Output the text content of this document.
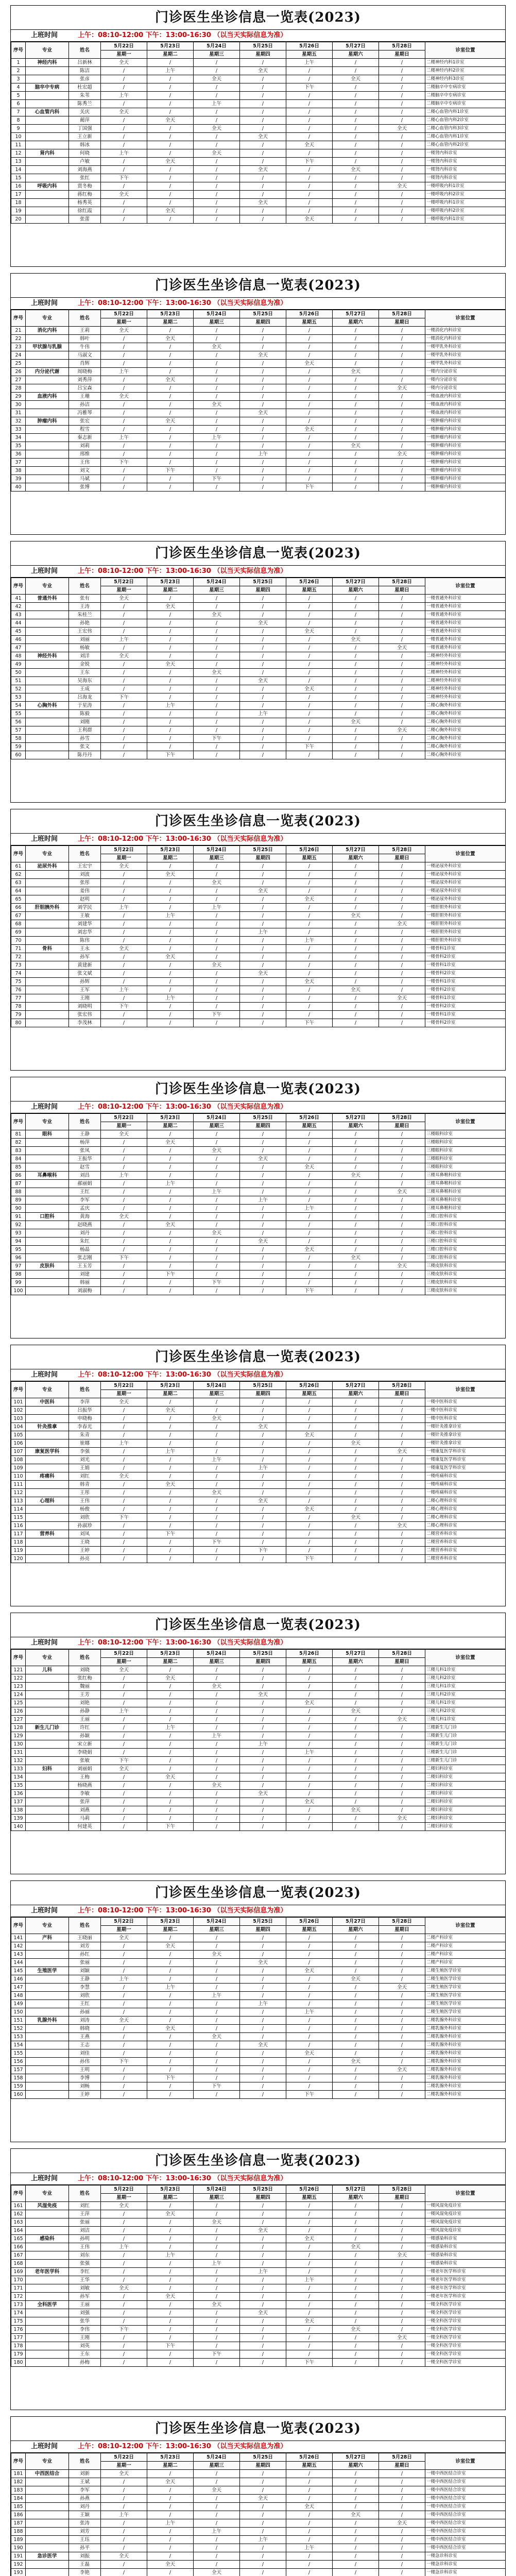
门诊医生坐诊信息一览表(2023)
上班时间	上午：08:10-12:00 下午：13:00-16:30 （以当天实际信息为准）
序号	专业	姓名	5月22日	5月23日	5月24日	5月25日	5月26日	5月27日	5月28日	诊室位置
			星期一	星期二	星期三	星期四	星期五	星期六	星期日	
1	神经内科	吕新林	全天	/	/	/	上午	/	/	二楼神经内科1诊室
2		陈洁	/	上午	/	全天	/	/	/	二楼神经内科2诊室
3		张彦	/	/	全天	/	/	全天	/	二楼神经内科3诊室
4	脑卒中专病	杜宏超	/	/	/	/	下午	/	/	二楼脑卒中专病诊室
5		朱苇	上午	/	/	/	/	/	/	二楼脑卒中专病诊室
6		陈秀兰	/	/	上午	/	/	/	/	二楼脑卒中专病诊室
7	心血管内科	关庆	全天	/	/	/	/	/	/	二楼心血管内科1诊室
8		蔺萍	/	全天	/	/	/	/	/	二楼心血管内科2诊室
9		丁国强	/	/	全天	/	/	/	全天	二楼心血管内科3诊室
10		王立新	/	/	/	全天	/	/	/	二楼心血管内科1诊室
11		韩冰	/	/	/	/	全天	/	/	二楼心血管内科2诊室
12	肾内科	何晓	上午	/	全天	/	/	/	/	一楼肾内科诊室
13		卢敏	/	全天	/	/	下午	/	/	一楼肾内科诊室
14		刘海燕	/	/	/	全天	/	全天	/	一楼肾内科诊室
15		张红	下午	/	/	/	/	/	/	一楼肾内科诊室
16	呼吸内科	贾冬梅	/	/	/	/	/	/	全天	一楼呼吸内科1诊室
17		蒋红梅	全天	/	/	/	/	/	/	一楼呼吸内科2诊室
18		杨秀英	/	/	/	全天	/	/	/	一楼呼吸内科1诊室
19		徐红霞	/	全天	/	/	/	/	/	一楼呼吸内科2诊室
20		张蕾	/	/	/	/	全天	/	/	一楼呼吸内科1诊室
门诊医生坐诊信息一览表(2023)
上班时间	上午：08:10-12:00 下午：13:00-16:30 （以当天实际信息为准）
序号	专业	姓名	5月22日	5月23日	5月24日	5月25日	5月26日	5月27日	5月28日	诊室位置
			星期一	星期二	星期三	星期四	星期五	星期六	星期日	
21	消化内科	王莉	全天	/	/	/	/	/	/	一楼消化内科诊室
22		韩叶	/	全天	/	/	/	/	/	一楼消化内科诊室
23	甲状腺与乳腺	牛伟	/	/	全天	/	/	/	/	一楼甲乳外科诊室
24		马淑文	/	/	/	全天	/	/	/	一楼甲乳外科诊室
25		肖辉	/	/	/	/	全天	/	/	一楼甲乳外科诊室
26	内分泌代谢	周晓梅	上午	/	/	/	/	全天	/	一楼内分泌诊室
27		刘秀萍	/	全天	/	/	/	/	/	一楼内分泌诊室
28		吕宝森	/	/	/	/	/	/	全天	一楼内分泌诊室
29	血液内科	王珊	全天	/	/	/	/	/	/	一楼血液内科诊室
30		孙洁	/	/	全天	/	/	/	/	一楼血液内科诊室
31		冯雅琴	/	/	/	全天	/	/	/	一楼血液内科诊室
32	肿瘤内科	张宏	/	全天	/	/	/	/	/	一楼肿瘤内科诊室
33		程雪	/	/	/	/	全天	/	/	一楼肿瘤内科诊室
34		秦志新	上午	/	上午	/	/	/	/	一楼肿瘤内科诊室
35		刘莉	/	/	/	/	/	全天	/	一楼肿瘤内科诊室
36		邢维	/	/	/	上午	/	/	全天	一楼肿瘤内科诊室
37		王伟	下午	/	/	/	/	/	/	一楼肿瘤内科诊室
38		刘文	/	下午	/	/	/	/	/	一楼肿瘤内科诊室
39		马斌	/	/	下午	/	/	/	/	一楼肿瘤内科诊室
40		张博	/	/	/	/	下午	/	/	一楼肿瘤内科诊室
门诊医生坐诊信息一览表(2023)
上班时间	上午：08:10-12:00 下午：13:00-16:30 （以当天实际信息为准）
序号	专业	姓名	5月22日	5月23日	5月24日	5月25日	5月26日	5月27日	5月28日	诊室位置
			星期一	星期二	星期三	星期四	星期五	星期六	星期日	
41	普通外科	张有	全天	/	/	/	/	/	/	一楼普通外科诊室
42		王涛	/	全天	/	/	/	/	/	一楼普通外科诊室
43		朱桂兰	/	/	全天	/	/	/	/	一楼普通外科诊室
44		孙艳	/	/	/	全天	/	/	/	一楼普通外科诊室
45		王宏伟	/	/	/	/	全天	/	/	一楼普通外科诊室
46		刘丽	上午	/	/	/	/	全天	/	一楼普通外科诊室
47		杨敏	/	/	/	/	/	/	全天	一楼普通外科诊室
48	神经外科	刘洋	全天	/	/	/	/	/	/	二楼神经外科诊室
49		金锐	/	全天	/	/	/	/	/	二楼神经外科诊室
50		王东	/	/	全天	/	/	/	/	二楼神经外科诊室
51		吴海东	/	/	/	全天	/	/	/	二楼神经外科诊室
52		王成	/	/	/	/	全天	/	/	二楼神经外科诊室
53		吕海龙	下午	/	/	/	/	/	/	二楼神经外科诊室
54	心胸外科	于星涛	/	上午	/	/	/	/	/	二楼心胸外科诊室
55		陈毅	/	/	/	上午	/	/	/	二楼心胸外科诊室
56		刘刚	/	/	/	/	/	全天	/	二楼心胸外科诊室
57		王利群	/	/	/	/	/	/	全天	二楼心胸外科诊室
58		孙雪	/	/	下午	/	/	/	/	二楼心胸外科诊室
59		张文	/	/	/	/	下午	/	/	二楼心胸外科诊室
60		陈丹丹	/	下午	/	/	/	/	/	二楼心胸外科诊室
门诊医生坐诊信息一览表(2023)
上班时间	上午：08:10-12:00 下午：13:00-16:30 （以当天实际信息为准）
序号	专业	姓名	5月22日	5月23日	5月24日	5月25日	5月26日	5月27日	5月28日	诊室位置
			星期一	星期二	星期三	星期四	星期五	星期六	星期日	
61	泌尿外科	王宏宇	全天	/	/	/	/	/	/	一楼泌尿外科诊室
62		刘波	/	全天	/	/	/	/	/	一楼泌尿外科诊室
63		张彤	/	/	全天	/	/	/	/	一楼泌尿外科诊室
64		姜伟	/	/	/	全天	/	/	/	一楼泌尿外科诊室
65		赵明	/	/	/	/	全天	/	/	一楼泌尿外科诊室
66	肝胆胰外科	刘学民	上午	/	上午	/	/	/	/	一楼肝胆外科诊室
67		王敏	/	上午	/	/	/	全天	/	一楼肝胆外科诊室
68		刘建华	/	/	/	/	/	/	全天	一楼肝胆外科诊室
69		刘忠华	/	/	/	上午	/	/	/	一楼肝胆外科诊室
70		陈伟	/	/	/	/	上午	/	/	一楼肝胆外科诊室
71	骨科	王永	全天	/	/	/	/	/	/	一楼骨科1诊室
72		孙军	/	全天	/	/	/	/	/	一楼骨科2诊室
73		黄建新	/	/	全天	/	/	/	/	一楼骨科1诊室
74		张文斌	/	/	/	全天	/	/	/	一楼骨科2诊室
75		孙辉	/	/	/	/	全天	/	/	一楼骨科1诊室
76		王军	上午	/	/	/	/	全天	/	一楼骨科2诊室
77		王刚	/	上午	/	/	/	/	全天	一楼骨科1诊室
78		刘晓明	下午	/	/	/	/	/	/	一楼骨科2诊室
79		张宏伟	/	/	下午	/	/	/	/	一楼骨科1诊室
80		李茂林	/	/	/	/	下午	/	/	一楼骨科2诊室
门诊医生坐诊信息一览表(2023)
上班时间	上午：08:10-12:00 下午：13:00-16:30 （以当天实际信息为准）
序号	专业	姓名	5月22日	5月23日	5月24日	5月25日	5月26日	5月27日	5月28日	诊室位置
			星期一	星期二	星期三	星期四	星期五	星期六	星期日	
81	眼科	王静	全天	/	/	/	/	/	/	三楼眼科诊室
82		杨萍	/	全天	/	/	/	/	/	三楼眼科诊室
83		张凤	/	/	全天	/	/	/	/	三楼眼科诊室
84		王振华	/	/	/	全天	/	/	/	三楼眼科诊室
85		赵雪	/	/	/	/	全天	/	/	三楼眼科诊室
86	耳鼻喉科	刘昌	上午	/	/	/	/	全天	/	三楼耳鼻喉科诊室
87		郝丽娟	/	上午	/	/	/	/	/	三楼耳鼻喉科诊室
88		王红	/	/	上午	/	/	/	全天	三楼耳鼻喉科诊室
89		李军	/	/	/	上午	/	/	/	三楼耳鼻喉科诊室
90		孟庆	/	/	/	/	上午	/	/	三楼耳鼻喉科诊室
91	口腔科	黄海	全天	/	/	/	/	/	/	三楼口腔科诊室
92		赵晓燕	/	全天	/	/	/	/	/	三楼口腔科诊室
93		刘丹	/	/	全天	/	/	/	/	三楼口腔科诊室
94		朱红	/	/	/	全天	/	/	/	三楼口腔科诊室
95		杨晶	/	/	/	/	全天	/	/	三楼口腔科诊室
96		张志刚	下午	/	/	/	/	全天	/	三楼口腔科诊室
97	皮肤科	王玉芳	/	/	/	/	/	/	全天	三楼皮肤科诊室
98		刘建	/	下午	/	/	/	/	/	三楼皮肤科诊室
99		韩丽	/	/	下午	/	/	/	/	三楼皮肤科诊室
100		刘淑梅	/	/	/	/	下午	/	/	三楼皮肤科诊室
门诊医生坐诊信息一览表(2023)
上班时间	上午：08:10-12:00 下午：13:00-16:30 （以当天实际信息为准）
序号	专业	姓名	5月22日	5月23日	5月24日	5月25日	5月26日	5月27日	5月28日	诊室位置
			星期一	星期二	星期三	星期四	星期五	星期六	星期日	
101	中医科	李萍	全天	/	/	/	/	/	/	一楼中医科诊室
102		吕振华	/	全天	/	/	/	/	/	一楼中医科诊室
103		申晓梅	/	/	全天	/	/	/	/	一楼中医科诊室
104	针灸推拿	李春光	/	/	/	全天	/	/	/	一楼针灸推拿诊室
105		朱青	/	/	/	/	全天	/	/	一楼针灸推拿诊室
106		崔娜	上午	/	/	/	/	全天	/	一楼针灸推拿诊室
107	康复医学科	李强	/	上午	/	/	/	/	全天	一楼康复医学科诊室
108		刘光	/	/	上午	/	/	/	/	一楼康复医学科诊室
109		王娟	/	/	/	上午	/	/	/	一楼康复医学科诊室
110	疼痛科	刘红	全天	/	/	/	/	/	/	一楼疼痛科诊室
111		韩青	/	全天	/	/	/	/	/	一楼疼痛科诊室
112		王彤	/	/	全天	/	/	/	/	一楼疼痛科诊室
113	心理科	王伟	/	/	/	全天	/	/	/	二楼心理科诊室
114		杨俊	/	/	/	/	全天	/	/	二楼心理科诊室
115		刘欣	下午	/	/	/	/	全天	/	二楼心理科诊室
116		孙淑珍	/	/	/	/	/	/	全天	二楼心理科诊室
117	营养科	刘凤	/	下午	/	/	/	/	/	二楼营养科诊室
118		王晓	/	/	下午	/	/	/	/	二楼营养科诊室
119		王婷	/	/	/	下午	/	/	/	二楼营养科诊室
120		孙亮	/	/	/	/	下午	/	/	二楼营养科诊室
门诊医生坐诊信息一览表(2023)
上班时间	上午：08:10-12:00 下午：13:00-16:30 （以当天实际信息为准）
序号	专业	姓名	5月22日	5月23日	5月24日	5月25日	5月26日	5月27日	5月28日	诊室位置
			星期一	星期二	星期三	星期四	星期五	星期六	星期日	
121	儿科	刘晓	全天	/	/	/	/	/	/	三楼儿科1诊室
122		张红梅	/	全天	/	/	/	/	/	三楼儿科2诊室
123		魏丽	/	/	全天	/	/	/	/	三楼儿科1诊室
124		王芳	/	/	/	全天	/	/	/	三楼儿科2诊室
125		刘艳	/	/	/	/	全天	/	/	三楼儿科1诊室
126		孙静	上午	/	/	/	/	全天	/	三楼儿科2诊室
127		王丽	/	/	/	/	/	/	全天	三楼儿科1诊室
128	新生儿门诊	许红	/	上午	/	/	/	/	/	三楼新生儿门诊
129		孙颖	/	/	上午	/	/	/	/	三楼新生儿门诊
130		宋立新	/	/	/	上午	/	/	/	三楼新生儿门诊
131		李晓娟	/	/	/	/	上午	/	/	三楼新生儿门诊
132		张敏	下午	/	/	/	/	/	/	三楼新生儿门诊
133	妇科	刘丽娟	全天	/	/	/	/	/	/	二楼妇科诊室
134		王梅	/	全天	/	/	/	/	/	二楼妇科诊室
135		杨晓燕	/	/	全天	/	/	/	/	二楼妇科诊室
136		李敏	/	/	/	全天	/	/	/	二楼妇科诊室
137		张萍	/	/	/	/	全天	/	/	二楼妇科诊室
138		刘燕	/	/	/	/	/	全天	/	二楼妇科诊室
139		马莉	/	/	/	/	/	/	全天	二楼妇科诊室
140		何建英	/	下午	/	/	/	/	/	二楼妇科诊室
门诊医生坐诊信息一览表(2023)
上班时间	上午：08:10-12:00 下午：13:00-16:30 （以当天实际信息为准）
序号	专业	姓名	5月22日	5月23日	5月24日	5月25日	5月26日	5月27日	5月28日	诊室位置
			星期一	星期二	星期三	星期四	星期五	星期六	星期日	
141	产科	王晓丽	全天	/	/	/	/	/	/	二楼产科诊室
142		刘芳	/	全天	/	/	/	/	/	二楼产科诊室
143		孙红	/	/	全天	/	/	/	/	二楼产科诊室
144		张丽	/	/	/	全天	/	/	/	二楼产科诊室
145	生殖医学	刘颖	/	/	/	/	全天	/	/	二楼生殖医学诊室
146		王静	上午	/	/	/	/	全天	/	二楼生殖医学诊室
147		李慧	/	上午	/	/	/	/	全天	二楼生殖医学诊室
148		刘欣	/	/	上午	/	/	/	/	二楼生殖医学诊室
149		王红	/	/	/	上午	/	/	/	二楼生殖医学诊室
150		孙丽	/	/	/	/	上午	/	/	二楼生殖医学诊室
151	乳腺外科	刘涛	全天	/	/	/	/	/	/	二楼乳腺外科诊室
152		韩晓	/	全天	/	/	/	/	/	二楼乳腺外科诊室
153		王燕	/	/	全天	/	/	/	/	二楼乳腺外科诊室
154		王志	/	/	/	全天	/	/	/	二楼乳腺外科诊室
155		刘佳	/	/	/	/	全天	/	/	二楼乳腺外科诊室
156		孙伟	下午	/	/	/	/	全天	/	二楼乳腺外科诊室
157		王明	/	/	/	/	/	/	全天	二楼乳腺外科诊室
158		李博	/	下午	/	/	/	/	/	二楼乳腺外科诊室
159		刘畅	/	/	下午	/	/	/	/	二楼乳腺外科诊室
160		王婷	/	/	/	/	下午	/	/	二楼乳腺外科诊室
门诊医生坐诊信息一览表(2023)
上班时间	上午：08:10-12:00 下午：13:00-16:30 （以当天实际信息为准）
序号	专业	姓名	5月22日	5月23日	5月24日	5月25日	5月26日	5月27日	5月28日	诊室位置
			星期一	星期二	星期三	星期四	星期五	星期六	星期日	
161	风湿免疫	刘红	全天	/	/	/	/	/	/	一楼风湿免疫诊室
162		王萍	/	全天	/	/	/	/	/	一楼风湿免疫诊室
163		张丽	/	/	全天	/	/	/	/	一楼风湿免疫诊室
164		刘洁	/	/	/	全天	/	/	/	一楼风湿免疫诊室
165	感染科	孙明	/	/	/	/	全天	/	/	一楼感染科诊室
166		王伟	上午	/	/	/	/	全天	/	一楼感染科诊室
167		刘东	/	上午	/	/	/	/	全天	一楼感染科诊室
168		张强	/	/	上午	/	/	/	/	一楼感染科诊室
169	老年医学科	李红	/	/	/	上午	/	/	/	一楼老年医学科诊室
170		王华	/	/	/	/	上午	/	/	一楼老年医学科诊室
171		刘敏	全天	/	/	/	/	/	/	一楼老年医学科诊室
172		孙军	/	全天	/	/	/	/	/	一楼老年医学科诊室
173	全科医学	王丽	/	/	全天	/	/	/	/	一楼全科医学诊室
174		刘强	/	/	/	全天	/	/	/	一楼全科医学诊室
175		张华	/	/	/	/	全天	/	/	一楼全科医学诊室
176		李伟	下午	/	/	/	/	全天	/	一楼全科医学诊室
177		王刚	/	/	/	/	/	/	全天	一楼全科医学诊室
178		刘英	/	下午	/	/	/	/	/	一楼全科医学诊室
179		王东	/	/	下午	/	/	/	/	一楼全科医学诊室
180		孙梅	/	/	/	/	下午	/	/	一楼全科医学诊室
门诊医生坐诊信息一览表(2023)
上班时间	上午：08:10-12:00 下午：13:00-16:30 （以当天实际信息为准）
序号	专业	姓名	5月22日	5月23日	5月24日	5月25日	5月26日	5月27日	5月28日	诊室位置
			星期一	星期二	星期三	星期四	星期五	星期六	星期日	
181	中西医结合	刘新	全天	/	/	/	/	/	/	一楼中西医结合诊室
182		王斌	/	全天	/	/	/	/	/	一楼中西医结合诊室
183		李军	/	/	全天	/	/	/	/	一楼中西医结合诊室
184		孙燕	/	/	/	全天	/	/	/	一楼中西医结合诊室
185		刘丹	/	/	/	/	全天	/	/	一楼中西医结合诊室
186		王颖	上午	/	/	/	/	全天	/	一楼中西医结合诊室
187		张涛	/	上午	/	/	/	/	全天	一楼中西医结合诊室
188		刘芳	/	/	上午	/	/	/	/	一楼中西医结合诊室
189		王珏	/	/	/	上午	/	/	/	一楼中西医结合诊室
190		孙平	/	/	/	/	上午	/	/	一楼中西医结合诊室
191	急诊医学	刘振	全天	/	/	/	/	/	/	一楼急诊科诊室
192		王磊	/	全天	/	/	/	/	/	一楼急诊科诊室
193		李艳	/	/	全天	/	/	/	/	一楼急诊科诊室
